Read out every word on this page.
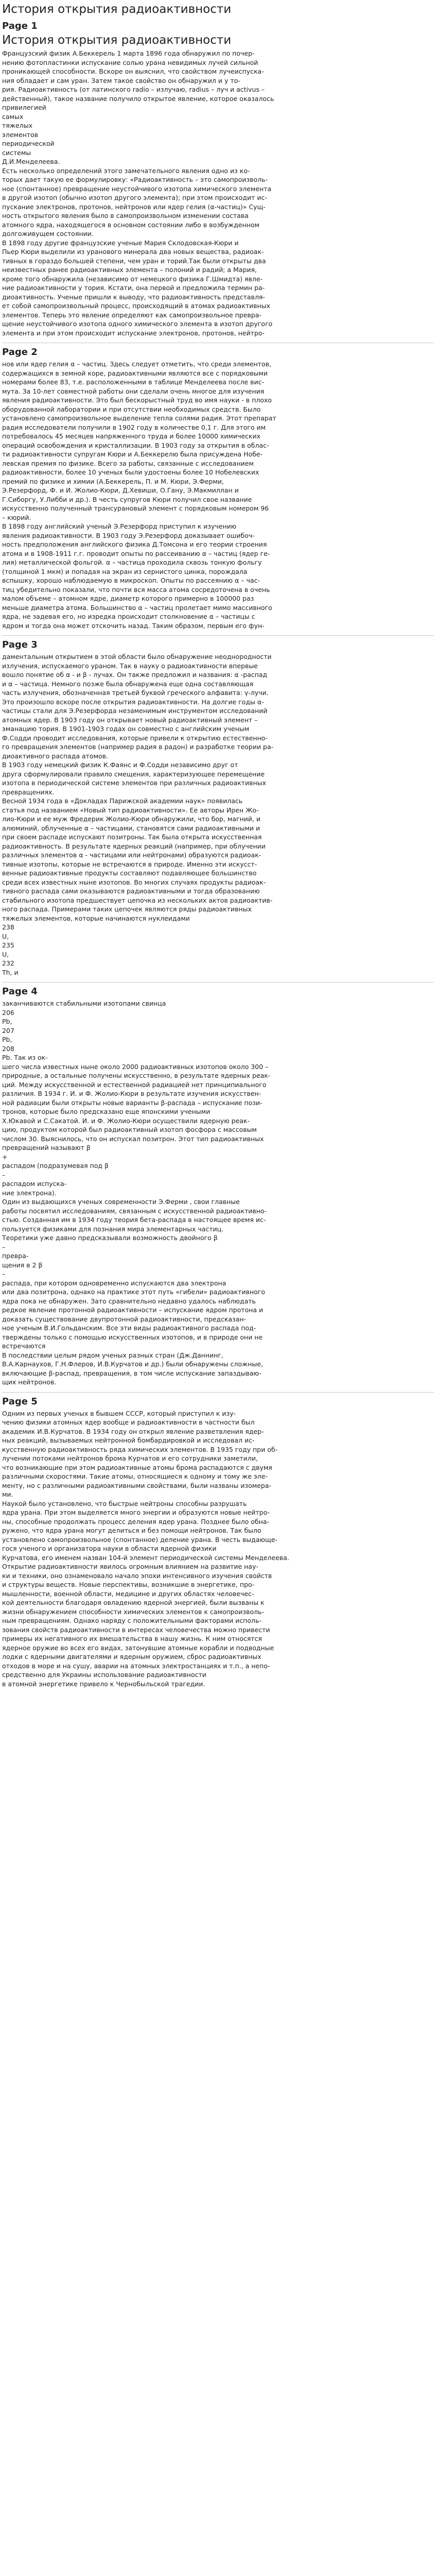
История открытия радиоактивности
Page 1
История открытия радиоактивности
Французский физик А.Беккерель 1 марта 1896 года обнаружил по почер-
нению фотопластинки испускание солью урана невидимых лучей сильной
проникающей способности. Вскоре он выяснил, что свойством лучеиспуска-
ния обладает и сам уран. Затем такое свойство он обнаружил и у то-
рия. Радиоактивность (от латинского radio – излучаю, radius – луч и activus –
действенный), такое название получило открытое явление, которое оказалось
привилегией
самых
тяжелых
элементов
периодической
системы
Д.И.Менделеева.
Есть несколько определений этого замечательного явления одно из ко-
торых дает такую ее формулировку: «Радиоактивность – это самопроизволь-
ное (спонтанное) превращение неустойчивого изотопа химического элемента
в другой изотоп (обычно изотоп другого элемента); при этом происходит ис-
пускание электронов, протонов, нейтронов или ядер гелия (α-частиц)» Сущ-
ность открытого явления было в самопроизвольном изменении состава
атомного ядра, находящегося в основном состоянии либо в возбужденном
долгоживущем состоянии.
В 1898 году другие французские ученые Мария Склодовская-Кюри и
Пьер Кюри выделили из уранового минерала два новых вещества, радиоак-
тивных в гораздо большей степени, чем уран и торий.Так были открыты два
неизвестных ранее радиоактивных элемента – полоний и радий; а Мария,
кроме того обнаружила (независимо от немецкого физика Г.Шмидта) явле-
ние радиоактивности у тория. Кстати, она первой и предложила термин ра-
диоактивность. Ученые пришли к выводу, что радиоактивность представля-
ет собой самопроизвольный процесс, происходящий в атомах радиоактивных
элементов. Теперь это явление определяют как самопроизвольное превра-
щение неустойчивого изотопа одного химического элемента в изотоп другого
элемента и при этом происходит испускание электронов, протонов, нейтро-
Page 2
нов или ядер гелия α – частиц. Здесь следует отметить, что среди элементов,
содержащихся в земной коре, радиоактивными являются все с порядковыми
номерами более 83, т.е. расположенными в таблице Менделеева после вис-
мута. За 10-лет совместной работы они сделали очень многое для изучения
явления радиоактивности. Это был бескорыстный труд во имя науки - в плохо
оборудованной лаборатории и при отсутствии необходимых средств. Было
установлено самопроизвольное выделение теплa солями радия. Этот препарат
радия исследователи получили в 1902 году в количестве 0,1 г. Для этого им
потребовалось 45 месяцев напряженного труда и более 10000 химических
операций освобождения и кристаллизации. В 1903 году за открытия в облас-
ти радиоактивности супругам Кюри и А.Беккерелю была присуждена Нобе-
левская премия по физике. Всего за работы, связанные с исследованием
радиоактивности, более 10 ученых были удостоены более 10 Нобелевских
премий по физике и химии (А.Беккерель, П. и М. Кюри, Э.Ферми,
Э.Резерфорд, Ф. и И. Жолио-Кюри, Д.Хевиши, О.Гану, Э.Макмиллан и
Г.Сиборгу, У.Либби и др.). В честь супругов Кюри получил свое название
искусственно полученный трансурановый элемент с порядковым номером 96
– кюрий.
В 1898 году английский ученый Э.Резерфорд приступил к изучению
явления радиоактивности. В 1903 году Э.Резерфорд доказывает ошибоч-
ность предположения английского физика Д.Томсона и его теории строения
атома и в 1908-1911 г.г. проводит опыты по рассеиванию α – частиц (ядер ге-
лия) металлической фольгой. α – частица проходила сквозь тонкую фольгу
(толщиной 1 мкм) и попадая на экран из сернистого цинка, порождала
вспышку, хорошо наблюдаемую в микроскоп. Опыты по рассеянию α – час-
тиц убедительно показали, что почти вся масса атома сосредоточена в очень
малом объеме – атомном ядре, диаметр которого примерно в 100000 раз
меньше диаметра атома. Большинство α – частиц пролетает мимо массивного
ядра, не задевая его, но изредка происходит столкновение α – частицы с
ядром и тогда она может отскочить назад. Таким образом, первым его фун-
Page 3
даментальным открытием в этой области было обнаружение неоднородности
излучения, испускаемого ураном. Так в науку о радиоактивности впервые
вошло понятие об α - и β - лучах. Он также предложил и названия: α -распад
и α – частица. Немного позже была обнаружена еще одна составляющая
часть излучения, обозначенная третьей буквой греческого алфавита: γ-лучи.
Это произошло вскоре после открытия радиоактивности. На долгие годы α-
частицы стали для Э.Резерфорда незаменимым инструментом исследований
атомных ядер. В 1903 году он открывает новый радиоактивный элемент –
эманацию тория. В 1901-1903 годах он совместно с английским ученым
Ф.Содди проводит исследования, которые привели к открытию естественно-
го превращения элементов (например радия в радон) и разработке теории ра-
диоактивного распада атомов.
В 1903 году немецкий физик К.Фаянс и Ф.Содди независимо друг от
друга сформулировали правило смещения, характеризующее перемещение
изотопа в периодической системе элементов при различных радиоактивных
превращениях.
Весной 1934 года в «Докладах Парижской академии наук» появилась
статья под названием «Новый тип радиоактивности». Ее авторы Ирен Жо-
лио-Кюри и ее муж Фредерик Жолио-Кюри обнаружили, что бор, магний, и
алюминий, облученные α – частицами, становятся сами радиоактивными и
при своем распаде испускают позитроны. Так была открыта искусственная
радиоактивность. В результате ядерных реакций (например, при облучении
различных элементов α - частицами или нейтронами) образуются радиоак-
тивные изотопы, которые не встречаются в природе. Именно эти искусст-
венные радиоактивные продукты составляют подавляющее большинство
среди всех известных ныне изотопов. Во многих случаях продукты радиоак-
тивного распада сами оказываются радиоактивными и тогда образованию
стабильного изотопа предшествует цепочка из нескольких актов радиоактив-
ного распада. Примерами таких цепочек являются ряды радиоактивных
тяжелых элементов, которые начинаются нуклеидами
238
U,
235
U,
232
Th, и
Page 4
заканчиваются стабильными изотопами свинца
206
Pb,
207
Pb,
208
Pb. Так из ок-
шего числа известных ныне около 2000 радиоактивных изотопов около 300 –
природные, а остальные получены искусственно, в результате ядерных реак-
ций. Между искусственной и естественной радиацией нет принципиального
различия. В 1934 г. И. и Ф. Жолио-Кюри в результате изучения искусствен-
ной радиации были открыты новые варианты β-распада – испускание пози-
тронов, которые было предсказано еще японскими учеными
X.Юкавой и С.Сакатой. И. и Ф. Жолио-Кюри осуществили ядерную реак-
цию, продуктом которой был радиоактивный изотоп фосфора с массовым
числом 30. Выяснилось, что он испускал позитрон. Этот тип радиоактивных
превращений называют β
+
распадом (подразумевая под β
–
распадом испуска-
ние электрона).
Один из выдающихся ученых современности Э.Ферми , свои главные
работы посвятил исследованиям, связанным с искусственной радиоактивно-
стью. Созданная им в 1934 году теория бета-распада в настоящее время ис-
пользуется физиками для познания мира элементарных частиц.
Теоретики уже давно предсказывали возможность двойного β
–
превра-
щения в 2 β
–
распада, при котором одновременно испускаются два электрона
или два позитрона, однако на практике этот путь «гибели» радиоактивного
ядра пока не обнаружен. Зато сравнительно недавно удалось наблюдать
редкое явление протонной радиоактивности – испускание ядром протона и
доказать существование двупротонной радиоактивности, предсказан-
ное ученым В.И.Гольданским. Все эти виды радиоактивного распада под-
тверждены только с помощью искусственных изотопов, и в природе они не
встречаются
В последствии целым рядом ученых разных стран (Дж.Даннинг,
В.А.Карнаухов, Г.Н.Флеров, И.В.Курчатов и др.) были обнаружены сложные,
включающие β-распад, превращения, в том числе испускание запаздываю-
щих нейтронов.
Page 5
Одним из первых ученых в бывшем СССР, который приступил к изу-
чению физики атомных ядер вообще и радиоактивности в частности был
академик И.В.Курчатов. В 1934 году он открыл явление разветвления ядер-
ных реакций, вызываемых нейтронной бомбардировкой и исследовал ис-
кусственную радиоактивность ряда химических элементов. В 1935 году при об-
лучении потоками нейтронов брома Курчатов и его сотрудники заметили,
что возникающие при этом радиоактивные атомы брома распадаются с двумя
различными скоростями. Такие атомы, относящиеся к одному и тому же эле-
менту, но с различными радиоактивными свойствами, были названы изомера-
ми.
Наукой было установлено, что быстрые нейтроны способны разрушать
ядра урана. При этом выделяется много энергии и образуются новые нейтро-
ны, способные продолжать процесс деления ядер урана. Позднее было обна-
ружено, что ядра урана могут делиться и без помощи нейтронов. Так было
установлено самопроизвольное (спонтанное) деление урана. В честь выдающе-
гося ученого и организатора науки в области ядерной физики
Курчатова, его именем назван 104-й элемент периодической системы Менделеева.
Открытие радиоактивности явилось огромным влиянием на развитие нау-
ки и техники, оно ознаменовало начало эпохи интенсивного изучения свойств
и структуры веществ. Новые перспективы, возникшие в энергетике, про-
мышленности, военной области, медицине и других областях человечес-
кой деятельности благодаря овладению ядерной энергией, были вызваны к
жизни обнаружением способности химических элементов к самопроизволь-
ным превращениям. Однако наряду с положительными факторами исполь-
зования свойств радиоактивности в интересах человечества можно привести
примеры их негативного их вмешательства в нашу жизнь. К ним относятся
ядерное оружие во всех его видах, затонувшие атомные корабли и подводные
лодки с ядерными двигателями и ядерным оружием, сброс радиоактивных
отходов в море и на сушу, аварии на атомных электростанциях и т.п., а непо-
средственно для Украины использование радиоактивности
в атомной энергетике привело к Чернобыльской трагедии.
